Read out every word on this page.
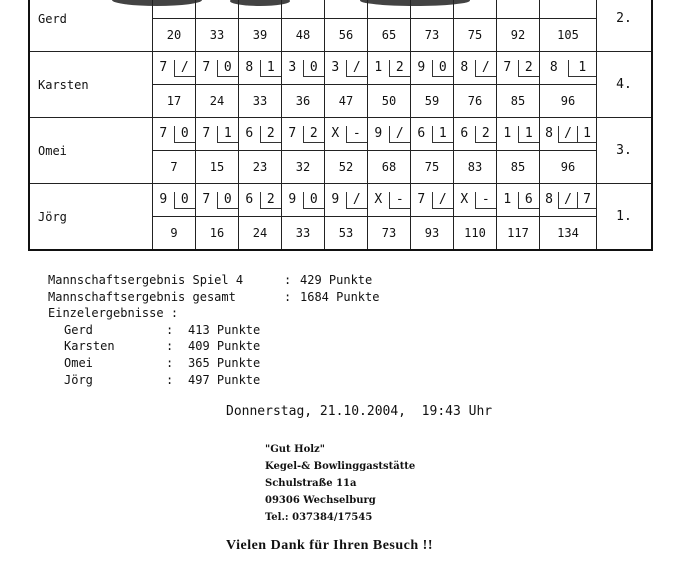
Gerd											2.
	20	33	39	48	56	65	73	75	92	105	
Karsten	7 /	7 0	8 1	3 0	3 /	1 2	9 0	8 /	7 2	8 1	4.
	17	24	33	36	47	50	59	76	85	96	
Omei	7 0	7 1	6 2	7 2	X -	9 /	6 1	6 2	1 1	8 / 1	3.
	7	15	23	32	52	68	75	83	85	96	
Jörg	9 0	7 0	6 2	9 0	9 /	X -	7 /	X -	1 6	8 / 7	1.
	9	16	24	33	53	73	93	110	117	134	
Mannschaftsergebnis Spiel 4	: 429 Punkte
Mannschaftsergebnis gesamt	: 1684 Punkte
Einzelergebnisse :
Gerd	: 413 Punkte
Karsten	: 409 Punkte
Omei	: 365 Punkte
Jörg	: 497 Punkte
Donnerstag, 21.10.2004,  19:43 Uhr
"Gut Holz"
Kegel-& Bowlinggaststätte
Schulstraße 11a
09306 Wechselburg
Tel.: 037384/17545
Vielen Dank für Ihren Besuch !!
